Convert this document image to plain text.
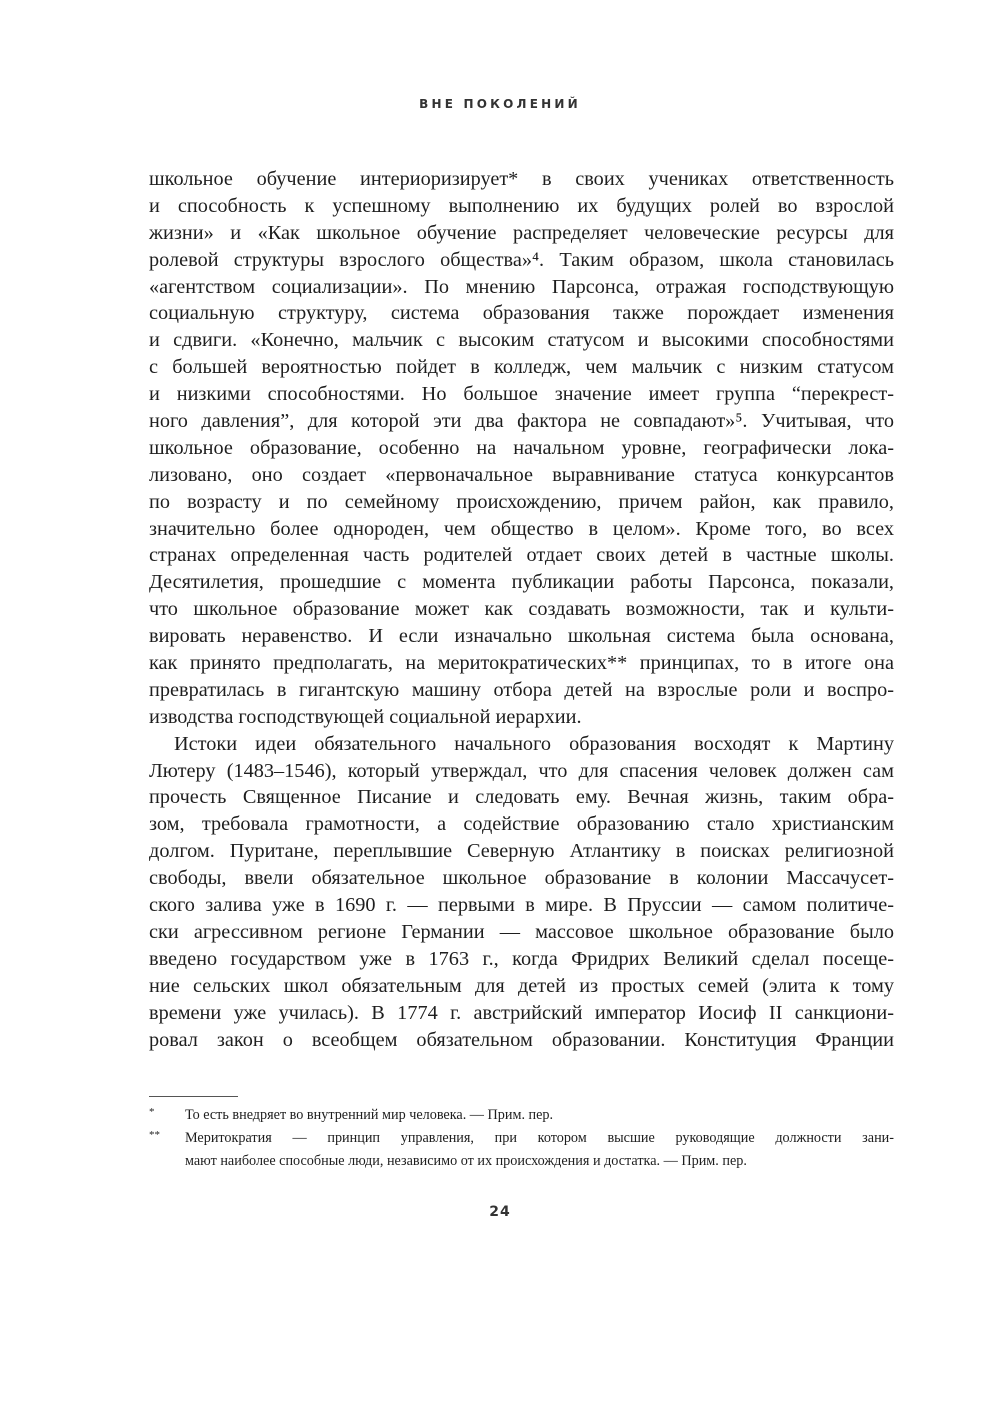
ВНЕ ПОКОЛЕНИЙ
школьное обучение интериоризирует* в своих учениках ответственность
и способность к успешному выполнению их будущих ролей во взрослой
жизни» и «Как школьное обучение распределяет человеческие ресурсы для
ролевой структуры взрослого общества»⁴. Таким образом, школа становилась
«агентством социализации». По мнению Парсонса, отражая господствующую
социальную структуру, система образования также порождает изменения
и сдвиги. «Конечно, мальчик с высоким статусом и высокими способностями
с большей вероятностью пойдет в колледж, чем мальчик с низким статусом
и низкими способностями. Но большое значение имеет группа “перекрест-
ного давления”, для которой эти два фактора не совпадают»⁵. Учитывая, что
школьное образование, особенно на начальном уровне, географически лока-
лизовано, оно создает «первоначальное выравнивание статуса конкурсантов
по возрасту и по семейному происхождению, причем район, как правило,
значительно более однороден, чем общество в целом». Кроме того, во всех
странах определенная часть родителей отдает своих детей в частные школы.
Десятилетия, прошедшие с момента публикации работы Парсонса, показали,
что школьное образование может как создавать возможности, так и культи-
вировать неравенство. И если изначально школьная система была основана,
как принято предполагать, на меритократических** принципах, то в итоге она
превратилась в гигантскую машину отбора детей на взрослые роли и воспро-
изводства господствующей социальной иерархии.
Истоки идеи обязательного начального образования восходят к Мартину
Лютеру (1483–1546), который утверждал, что для спасения человек должен сам
прочесть Священное Писание и следовать ему. Вечная жизнь, таким обра-
зом, требовала грамотности, а содействие образованию стало христианским
долгом. Пуритане, переплывшие Северную Атлантику в поисках религиозной
свободы, ввели обязательное школьное образование в колонии Массачусет-
ского залива уже в 1690 г. — первыми в мире. В Пруссии — самом политиче-
ски агрессивном регионе Германии — массовое школьное образование было
введено государством уже в 1763 г., когда Фридрих Великий сделал посеще-
ние сельских школ обязательным для детей из простых семей (элита к тому
времени уже училась). В 1774 г. австрийский император Иосиф II санкциони-
ровал закон о всеобщем обязательном образовании. Конституция Франции
* То есть внедряет во внутренний мир человека. — Прим. пер.
** Меритократия — принцип управления, при котором высшие руководящие должности зани-
мают наиболее способные люди, независимо от их происхождения и достатка. — Прим. пер.
24
